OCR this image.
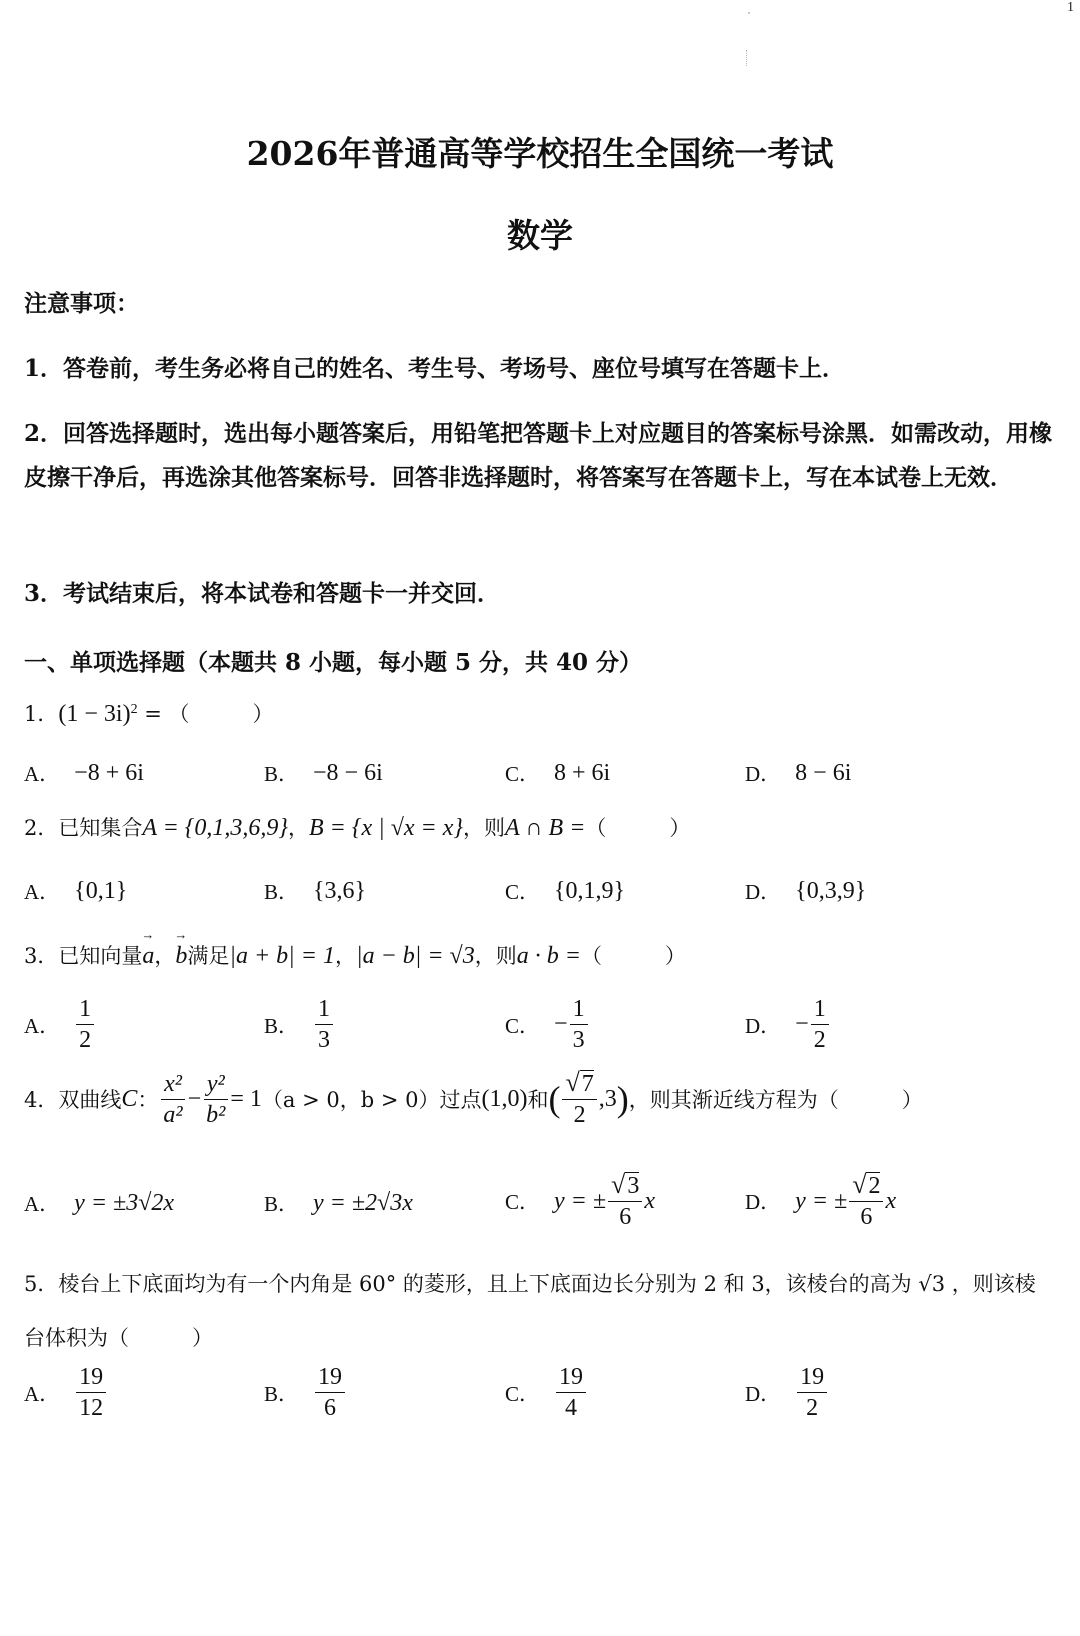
1
2026年普通高等学校招生全国统一考试
数学
注意事项：
1．答卷前，考生务必将自己的姓名、考生号、考场号、座位号填写在答题卡上．
2．回答选择题时，选出每小题答案后，用铅笔把答题卡上对应题目的答案标号涂黑．如需改动，用橡皮擦干净后，再选涂其他答案标号．回答非选择题时，将答案写在答题卡上，写在本试卷上无效．
3．考试结束后，将本试卷和答题卡一并交回．
一、单项选择题（本题共 8 小题，每小题 5 分，共 40 分）
1．$(1 - 3i)^2$ = （　　　）
A． −8 + 6i	B． −8 − 6i	C． 8 + 6i	D． 8 − 6i
2．已知集合A = {0,1,3,6,9}，B = {x | √x = x}，则A ∩ B =（　　　）
A． {0,1}	B． {3,6}	C． {0,1,9}	D． {0,3,9}
3．已知向量→ a，→ b满足|a + b| = 1，|a − b| = √3，则a · b =（　　　）
A． $\frac{1}{2}$	B． $\frac{1}{3}$	C． − $\frac{1}{3}$	D． − $\frac{1}{2}$
4． 双曲线 C ： $\frac{\text{x²}}{\text{a²}} - \frac{\text{y²}}{\text{b²}} = 1$ （a > 0，b > 0）过点 (1,0) 和 ( $\frac{√7}{2} ,3$ ) ，则其渐近线方程为（　　　）
A． y = ±3√2x	B． y = ±2√3x	C． y = ± $\frac{√3}{6}$ x	D． y = ± $\frac{√2}{6}$ x
5．棱台上下底面均为有一个内角是 60° 的菱形，且上下底面边长分别为 2 和 3，该棱台的高为 √3 ，则该棱
台体积为（　　　）
A． $\frac{19}{12}$	B． $\frac{19}{6}$	C． $\frac{19}{4}$	D． $\frac{19}{2}$
